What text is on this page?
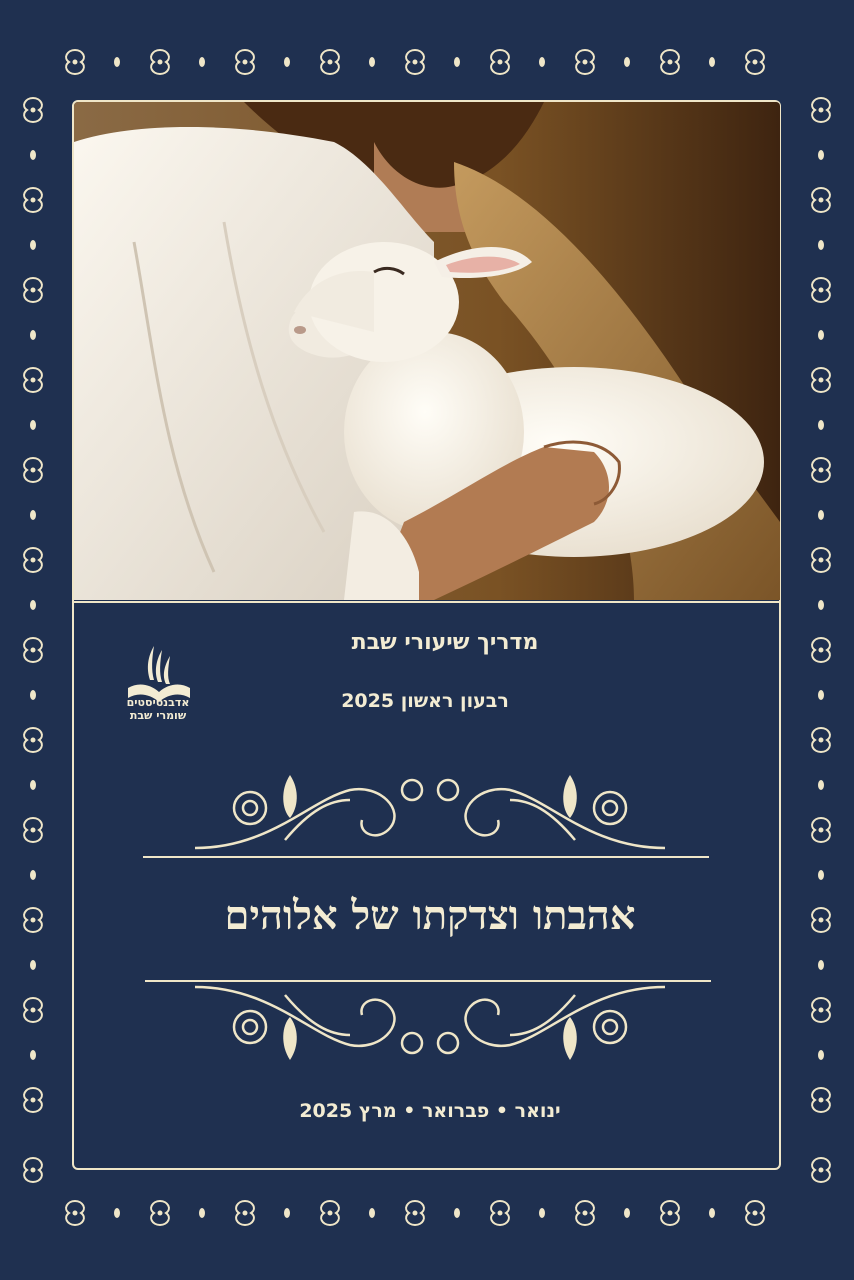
אדבנטיסטים
שומרי שבת
מדריך שיעורי שבת
רבעון ראשון 2025
אהבתו וצדקתו של אלוהים
ינואר • פברואר • מרץ 2025
